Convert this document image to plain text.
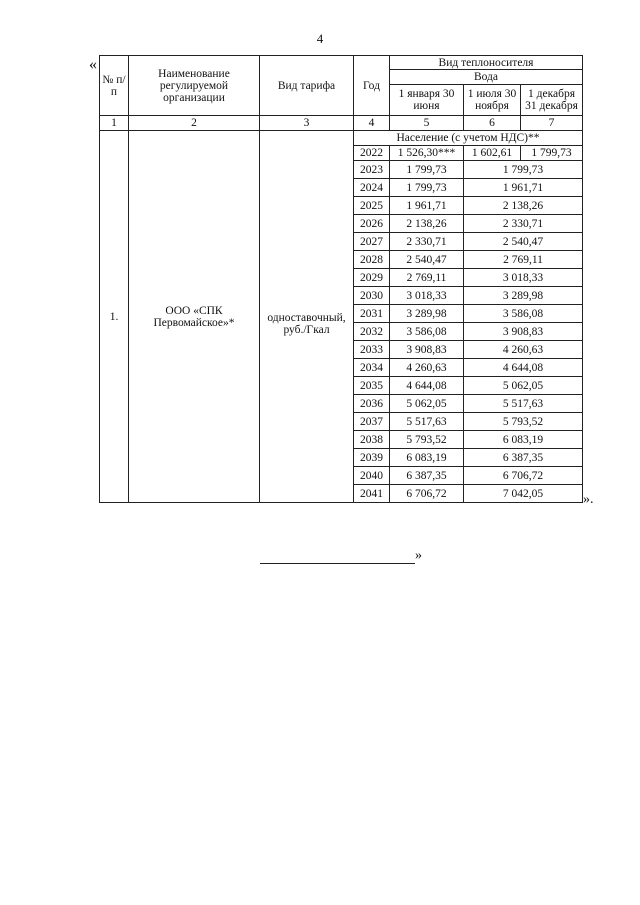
4
«
№ п/п	Наименование регулируемой организации	Вид тарифа	Год	Вид теплоносителя		
				Вода		
				1 января 30 июня	1 июля 30 ноября	1 декабря 31 декабря
1	2	3	4	5	6	7
1.	ООО «СПК Первомайское»*		Население (с учетом НДС)**			
		одноставочный, руб./Гкал	2022	1 526,30***	1 602,61	1 799,73
			2023	1 799,73	1 799,73	
			2024	1 799,73	1 961,71	
			2025	1 961,71	2 138,26	
			2026	2 138,26	2 330,71	
			2027	2 330,71	2 540,47	
			2028	2 540,47	2 769,11	
			2029	2 769,11	3 018,33	
			2030	3 018,33	3 289,98	
			2031	3 289,98	3 586,08	
			2032	3 586,08	3 908,83	
			2033	3 908,83	4 260,63	
			2034	4 260,63	4 644,08	
			2035	4 644,08	5 062,05	
			2036	5 062,05	5 517,63	
			2037	5 517,63	5 793,52	
			2038	5 793,52	6 083,19	
			2039	6 083,19	6 387,35	
			2040	6 387,35	6 706,72	
			2041	6 706,72	7 042,05		».
»
